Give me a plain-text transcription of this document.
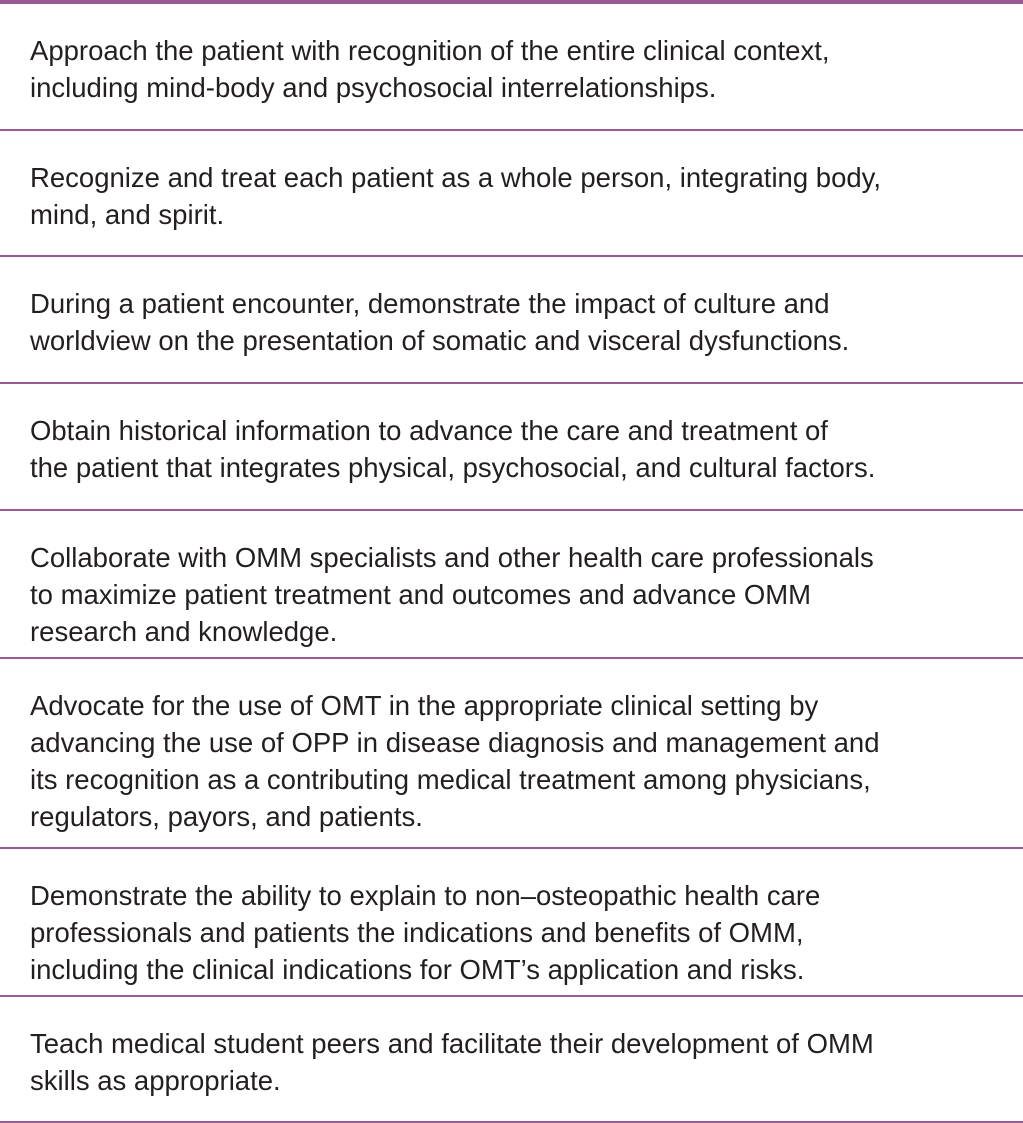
Approach the patient with recognition of the entire clinical context,
including mind-body and psychosocial interrelationships.
Recognize and treat each patient as a whole person, integrating body,
mind, and spirit.
During a patient encounter, demonstrate the impact of culture and
worldview on the presentation of somatic and visceral dysfunctions.
Obtain historical information to advance the care and treatment of
the patient that integrates physical, psychosocial, and cultural factors.
Collaborate with OMM specialists and other health care professionals
to maximize patient treatment and outcomes and advance OMM
research and knowledge.
Advocate for the use of OMT in the appropriate clinical setting by
advancing the use of OPP in disease diagnosis and management and
its recognition as a contributing medical treatment among physicians,
regulators, payors, and patients.
Demonstrate the ability to explain to non–osteopathic health care
professionals and patients the indications and benefits of OMM,
including the clinical indications for OMT’s application and risks.
Teach medical student peers and facilitate their development of OMM
skills as appropriate.
